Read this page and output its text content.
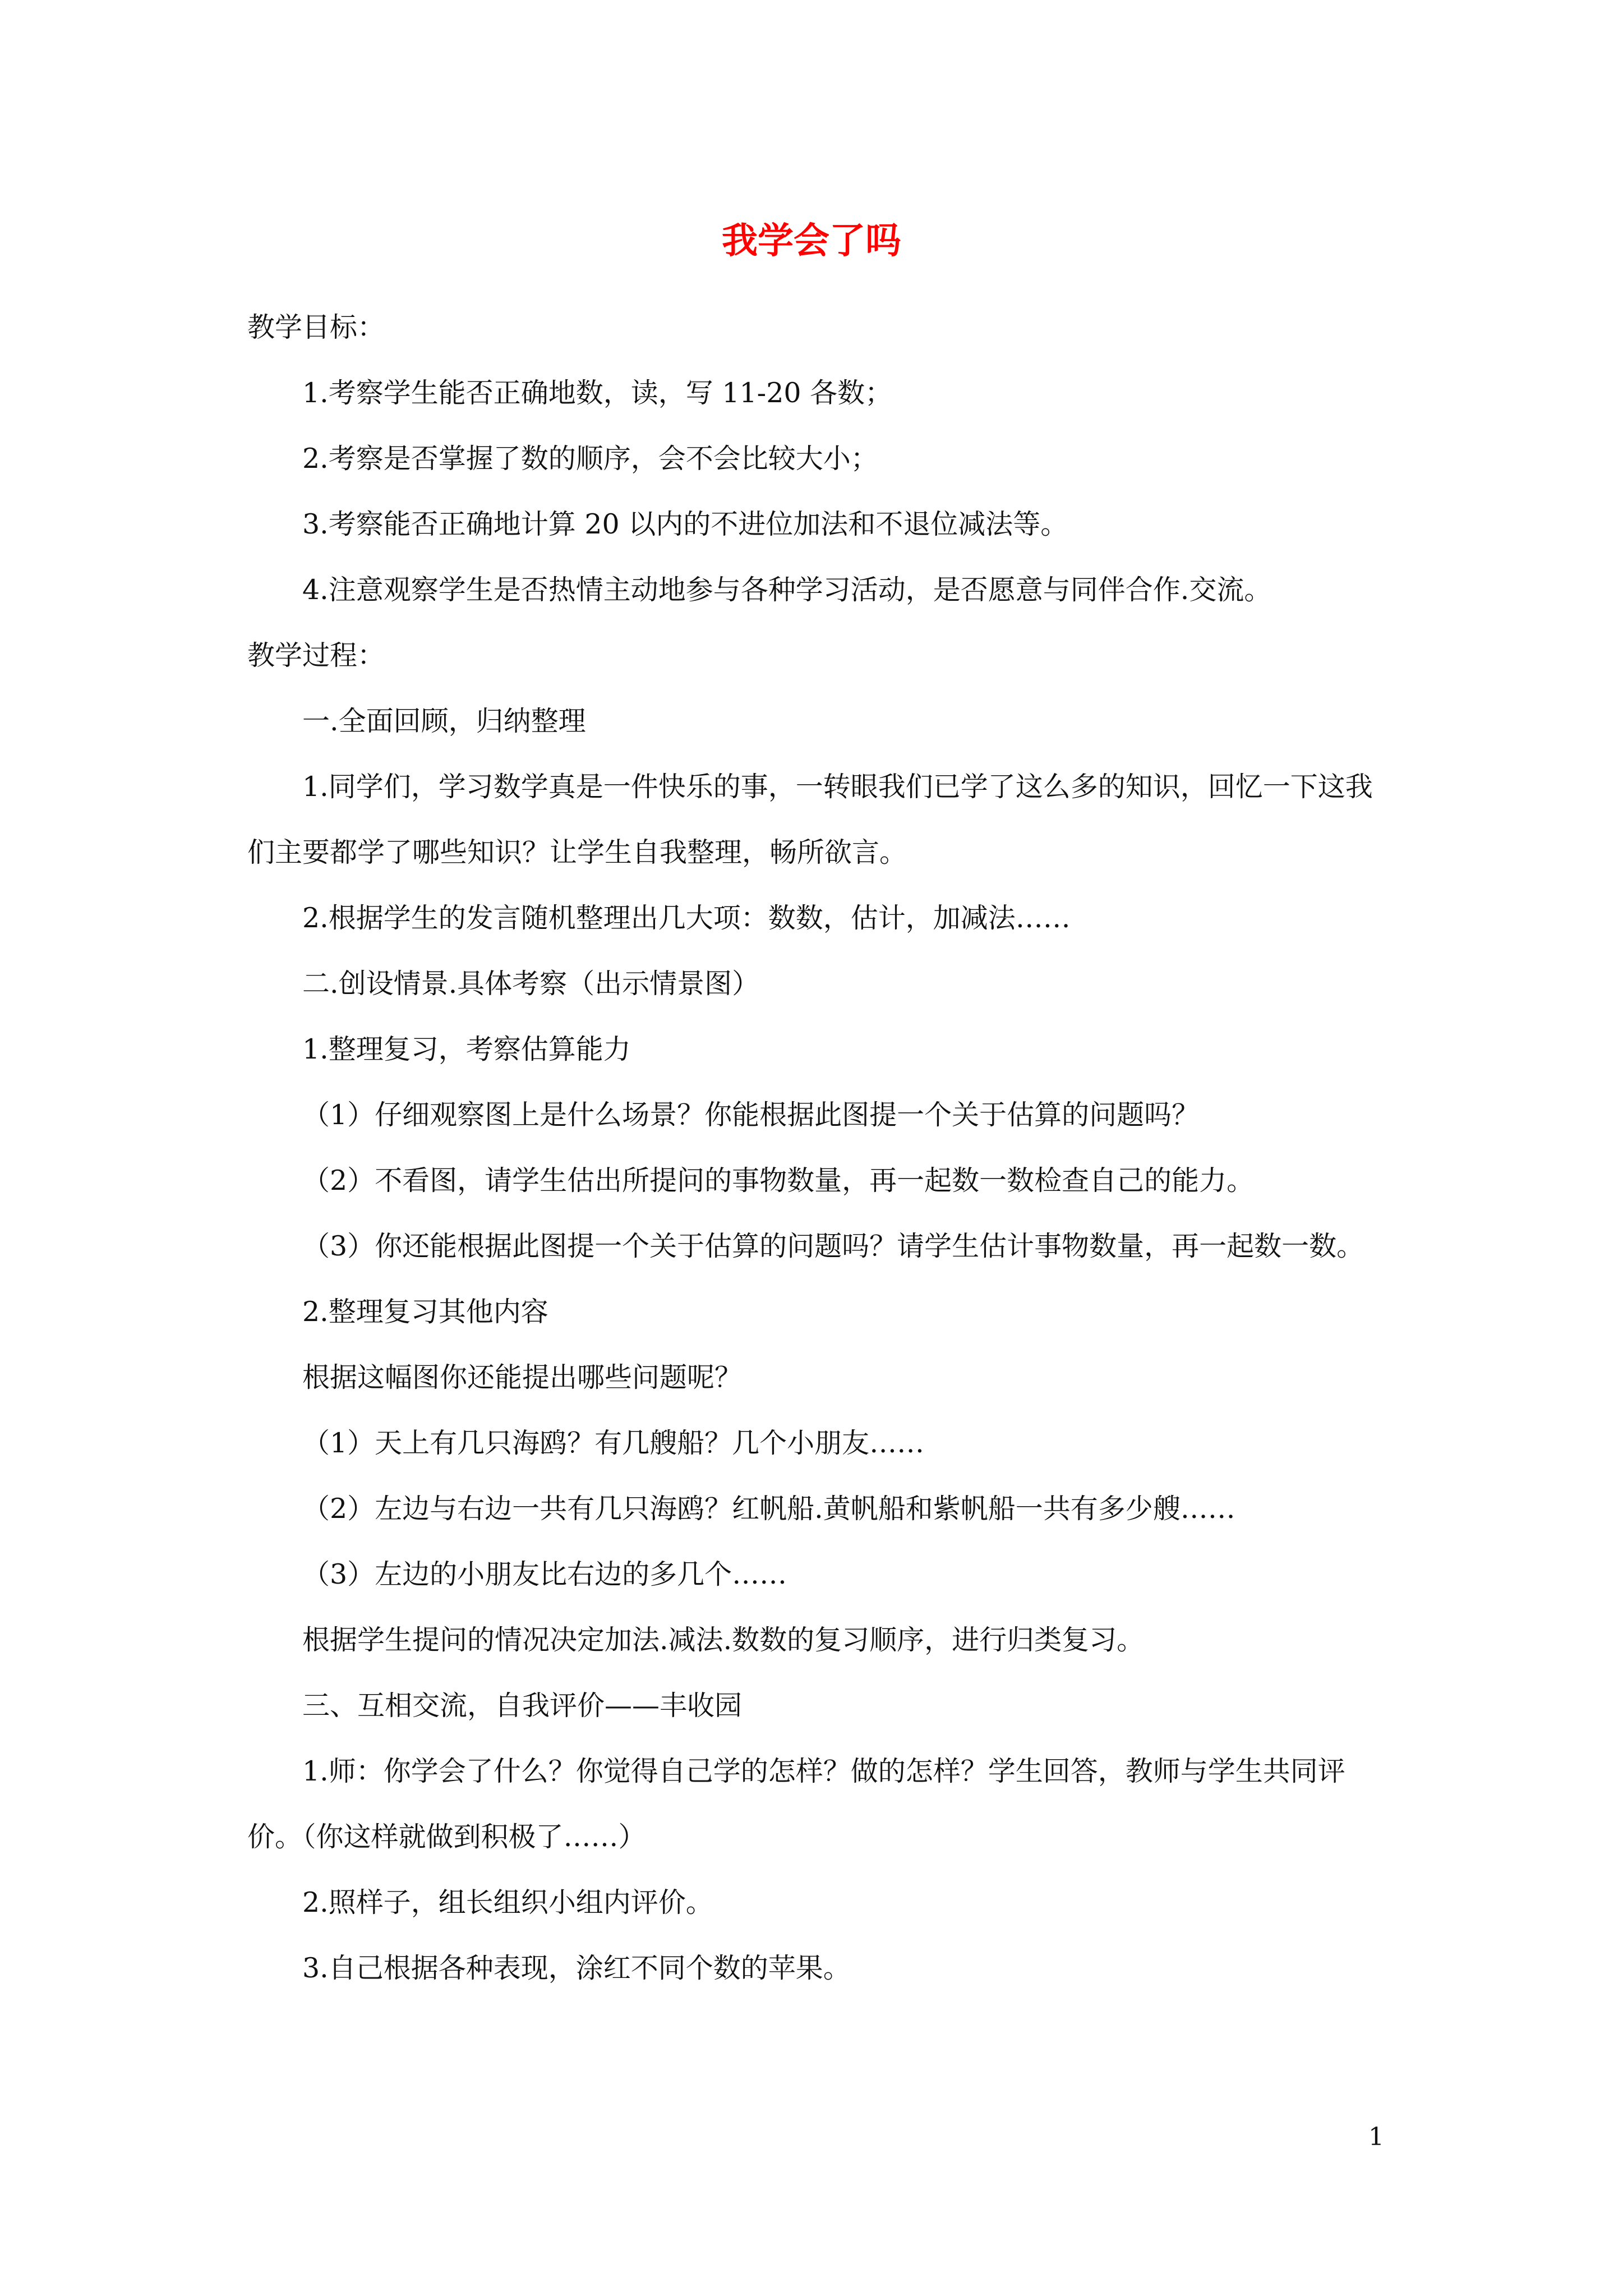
我学会了吗

教学目标：

1.考察学生能否正确地数，读，写 11-20 各数；

2.考察是否掌握了数的顺序，会不会比较大小；

3.考察能否正确地计算 20 以内的不进位加法和不退位减法等。

4.注意观察学生是否热情主动地参与各种学习活动，是否愿意与同伴合作.交流。

教学过程：

一.全面回顾，归纳整理

1.同学们，学习数学真是一件快乐的事，一转眼我们已学了这么多的知识，回忆一下这我们主要都学了哪些知识？让学生自我整理，畅所欲言。

2.根据学生的发言随机整理出几大项：数数，估计，加减法……

二.创设情景.具体考察（出示情景图）

1.整理复习，考察估算能力

（1）仔细观察图上是什么场景？你能根据此图提一个关于估算的问题吗？

（2）不看图，请学生估出所提问的事物数量，再一起数一数检查自己的能力。

（3）你还能根据此图提一个关于估算的问题吗？请学生估计事物数量，再一起数一数。

2.整理复习其他内容

根据这幅图你还能提出哪些问题呢？

（1）天上有几只海鸥？有几艘船？几个小朋友……

（2）左边与右边一共有几只海鸥？红帆船.黄帆船和紫帆船一共有多少艘……

（3）左边的小朋友比右边的多几个……

根据学生提问的情况决定加法.减法.数数的复习顺序，进行归类复习。

三、互相交流，自我评价——丰收园

1.师：你学会了什么？你觉得自己学的怎样？做的怎样？学生回答，教师与学生共同评价。（你这样就做到积极了……）

2.照样子，组长组织小组内评价。

3.自己根据各种表现，涂红不同个数的苹果。

1
